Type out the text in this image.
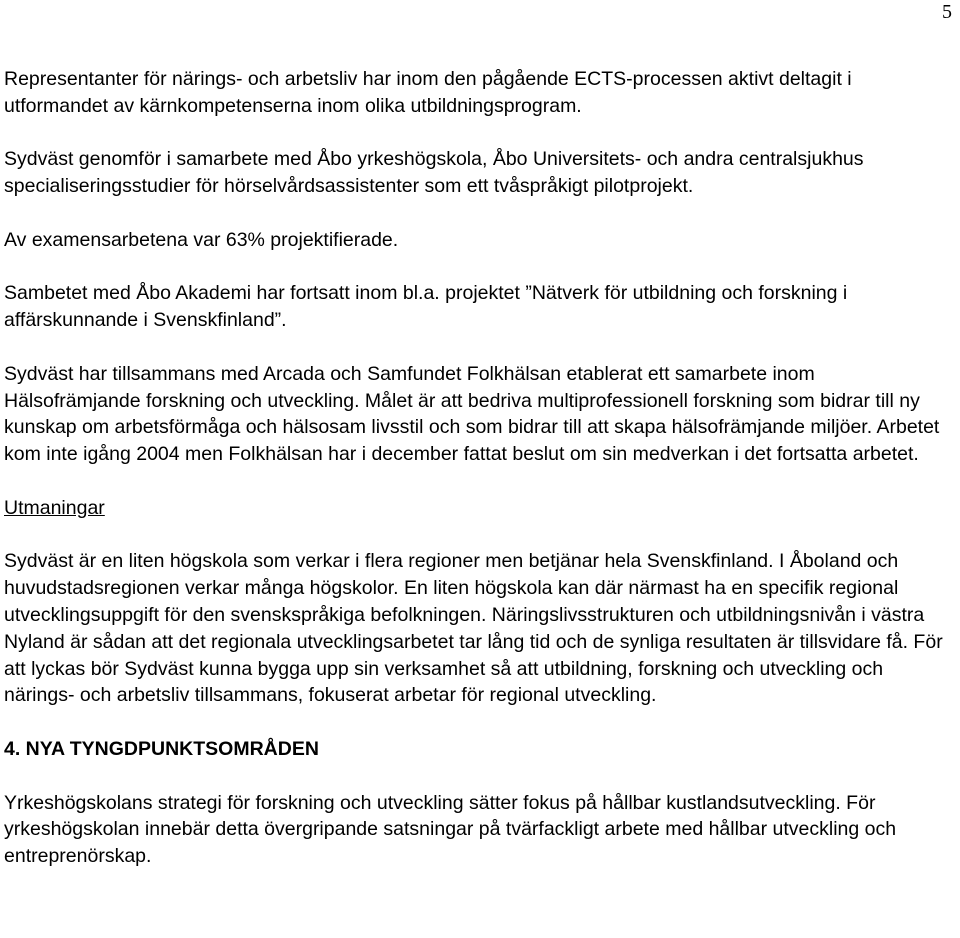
5

Representanter för närings- och arbetsliv har inom den pågående ECTS-processen aktivt deltagit i utformandet av kärnkompetenserna inom olika utbildningsprogram.

Sydväst genomför i samarbete med Åbo yrkeshögskola, Åbo Universitets- och andra centralsjukhus specialiseringsstudier för hörselvårdsassistenter som ett tvåspråkigt pilotprojekt.

Av examensarbetena var 63% projektifierade.

Sambetet med Åbo Akademi har fortsatt inom bl.a. projektet ”Nätverk för utbildning och forskning i affärskunnande i Svenskfinland”.

Sydväst har tillsammans med Arcada och Samfundet Folkhälsan etablerat ett samarbete inom Hälsofrämjande forskning och utveckling. Målet är att bedriva multiprofessionell forskning som bidrar till ny kunskap om arbetsförmåga och hälsosam livsstil och som bidrar till att skapa hälsofrämjande miljöer. Arbetet kom inte igång 2004 men Folkhälsan har i december fattat beslut om sin medverkan i det fortsatta arbetet.

Utmaningar

Sydväst är en liten högskola som verkar i flera regioner men betjänar hela Svenskfinland. I Åboland och huvudstadsregionen verkar många högskolor. En liten högskola kan där närmast ha en specifik regional utvecklingsuppgift för den svenskspråkiga befolkningen. Näringslivsstrukturen och utbildningsnivån i västra Nyland är sådan att det regionala utvecklingsarbetet tar lång tid och de synliga resultaten är tillsvidare få. För att lyckas bör Sydväst kunna bygga upp sin verksamhet så att utbildning, forskning och utveckling och närings- och arbetsliv tillsammans, fokuserat arbetar för regional utveckling.

4. NYA TYNGDPUNKTSOMRÅDEN

Yrkeshögskolans strategi för forskning och utveckling sätter fokus på hållbar kustlandsutveckling. För yrkeshögskolan innebär detta övergripande satsningar på tvärfackligt arbete med hållbar utveckling och entreprenörskap.
